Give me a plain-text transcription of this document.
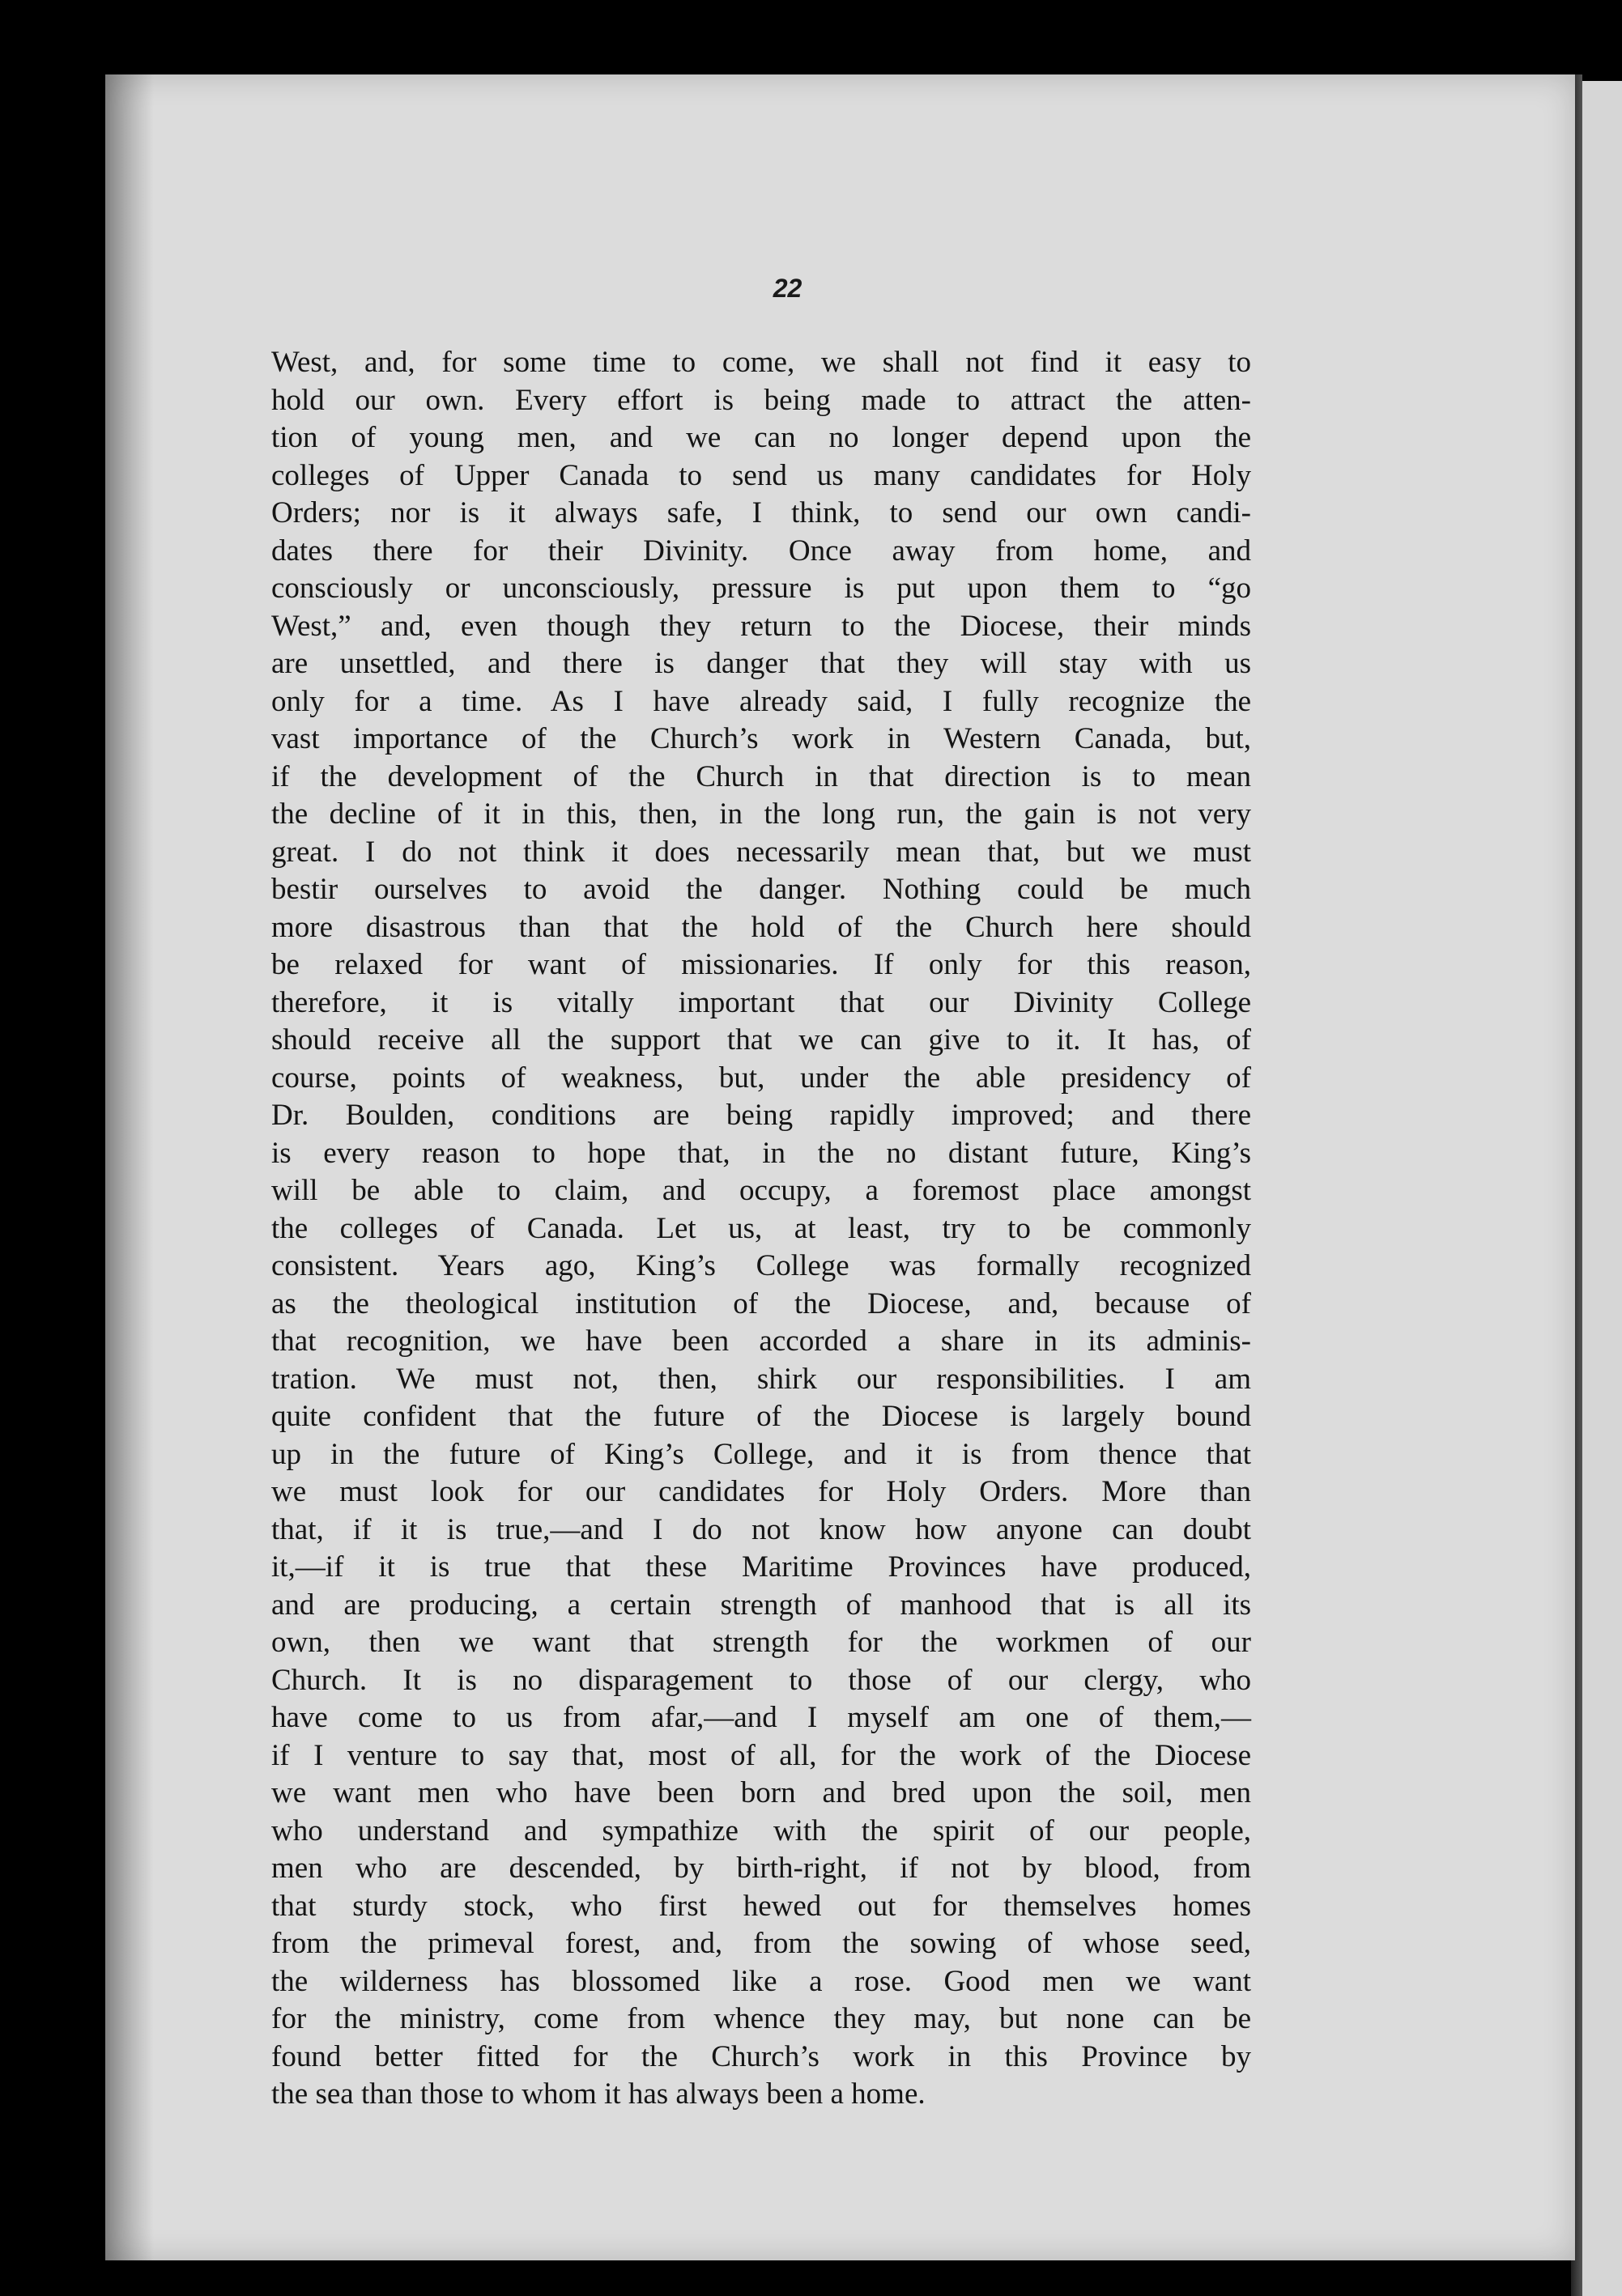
22
West, and, for some time to come, we shall not find it easy to
hold our own. Every effort is being made to attract the atten-
tion of young men, and we can no longer depend upon the
colleges of Upper Canada to send us many candidates for Holy
Orders; nor is it always safe, I think, to send our own candi-
dates there for their Divinity. Once away from home, and
consciously or unconsciously, pressure is put upon them to “go
West,” and, even though they return to the Diocese, their minds
are unsettled, and there is danger that they will stay with us
only for a time. As I have already said, I fully recognize the
vast importance of the Church’s work in Western Canada, but,
if the development of the Church in that direction is to mean
the decline of it in this, then, in the long run, the gain is not very
great. I do not think it does necessarily mean that, but we must
bestir ourselves to avoid the danger. Nothing could be much
more disastrous than that the hold of the Church here should
be relaxed for want of missionaries. If only for this reason,
therefore, it is vitally important that our Divinity College
should receive all the support that we can give to it. It has, of
course, points of weakness, but, under the able presidency of
Dr. Boulden, conditions are being rapidly improved; and there
is every reason to hope that, in the no distant future, King’s
will be able to claim, and occupy, a foremost place amongst
the colleges of Canada. Let us, at least, try to be commonly
consistent. Years ago, King’s College was formally recognized
as the theological institution of the Diocese, and, because of
that recognition, we have been accorded a share in its adminis-
tration. We must not, then, shirk our responsibilities. I am
quite confident that the future of the Diocese is largely bound
up in the future of King’s College, and it is from thence that
we must look for our candidates for Holy Orders. More than
that, if it is true,—and I do not know how anyone can doubt
it,—if it is true that these Maritime Provinces have produced,
and are producing, a certain strength of manhood that is all its
own, then we want that strength for the workmen of our
Church. It is no disparagement to those of our clergy, who
have come to us from afar,—and I myself am one of them,—
if I venture to say that, most of all, for the work of the Diocese
we want men who have been born and bred upon the soil, men
who understand and sympathize with the spirit of our people,
men who are descended, by birth-right, if not by blood, from
that sturdy stock, who first hewed out for themselves homes
from the primeval forest, and, from the sowing of whose seed,
the wilderness has blossomed like a rose. Good men we want
for the ministry, come from whence they may, but none can be
found better fitted for the Church’s work in this Province by
the sea than those to whom it has always been a home.
